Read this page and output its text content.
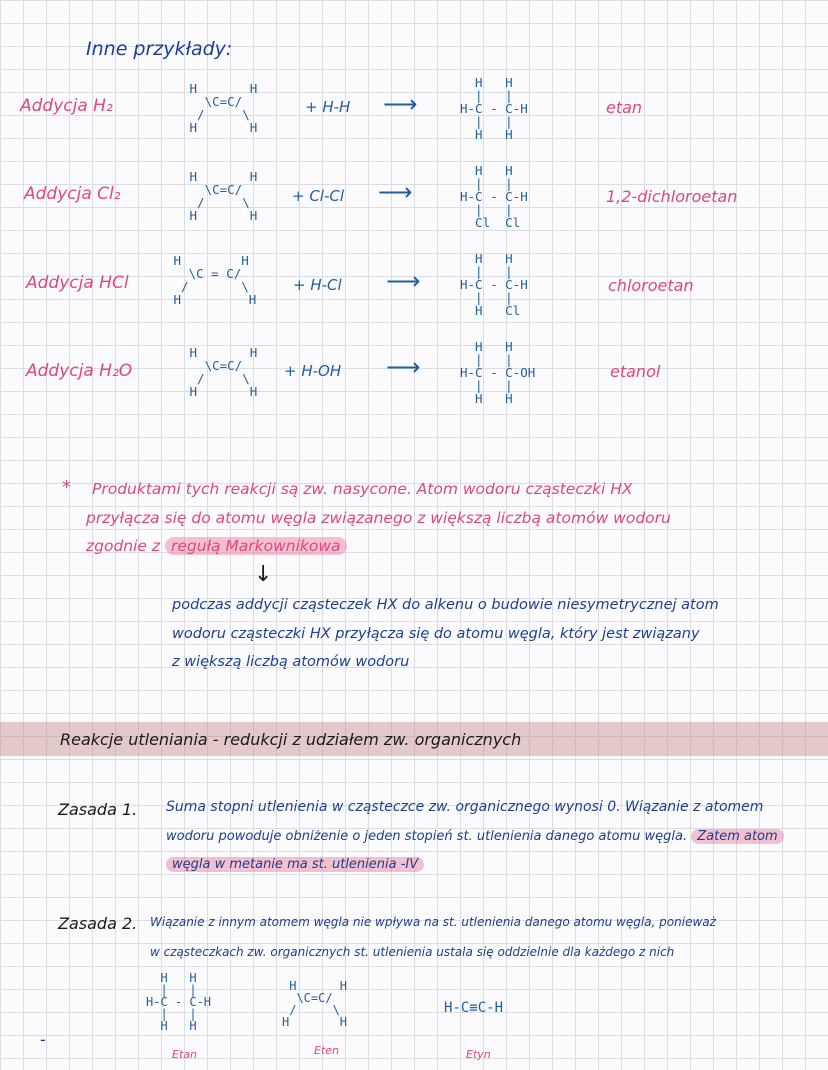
Inne przykłady:
Addycja H₂
H       H
\C=C/
/     \
H       H
+ H-H ⟶
H   H
|   |
H-C - C-H
|   |
H   H
etan
Addycja Cl₂
H       H
\C=C/
/     \
H       H
+ Cl-Cl ⟶
H   H
|   |
H-C - C-H
|   |
Cl  Cl
1,2-dichloroetan
Addycja HCl
H        H
\C = C/
/       \
H         H
+ H-Cl ⟶
H   H
|   |
H-C - C-H
|   |
H   Cl
chloroetan
Addycja H₂O
H       H
\C=C/
/     \
H       H
+ H-OH ⟶
H   H
|   |
H-C - C-OH
|   |
H   H
etanol
* Produktami tych reakcji są zw. nasycone. Atom wodoru cząsteczki HX
przyłącza się do atomu węgla związanego z większą liczbą atomów wodoru
zgodnie z regułą Markownikowa
↓
podczas addycji cząsteczek HX do alkenu o budowie niesymetrycznej atom
wodoru cząsteczki HX przyłącza się do atomu węgla, który jest związany
z większą liczbą atomów wodoru
Reakcje utleniania - redukcji z udziałem zw. organicznych
Zasada 1. Suma stopni utlenienia w cząsteczce zw. organicznego wynosi 0. Wiązanie z atomem
wodoru powoduje obniżenie o jeden stopień st. utlenienia danego atomu węgla. Zatem atom
węgla w metanie ma st. utlenienia -IV
Zasada 2. Wiązanie z innym atomem węgla nie wpływa na st. utlenienia danego atomu węgla, ponieważ
w cząsteczkach zw. organicznych st. utlenienia ustala się oddzielnie dla każdego z nich
-
H   H
|   |
H-C - C-H
|   |
H   H
Etan
H      H
\C=C/
/     \
H       H
Eten
H-C≡C-H
Etyn
